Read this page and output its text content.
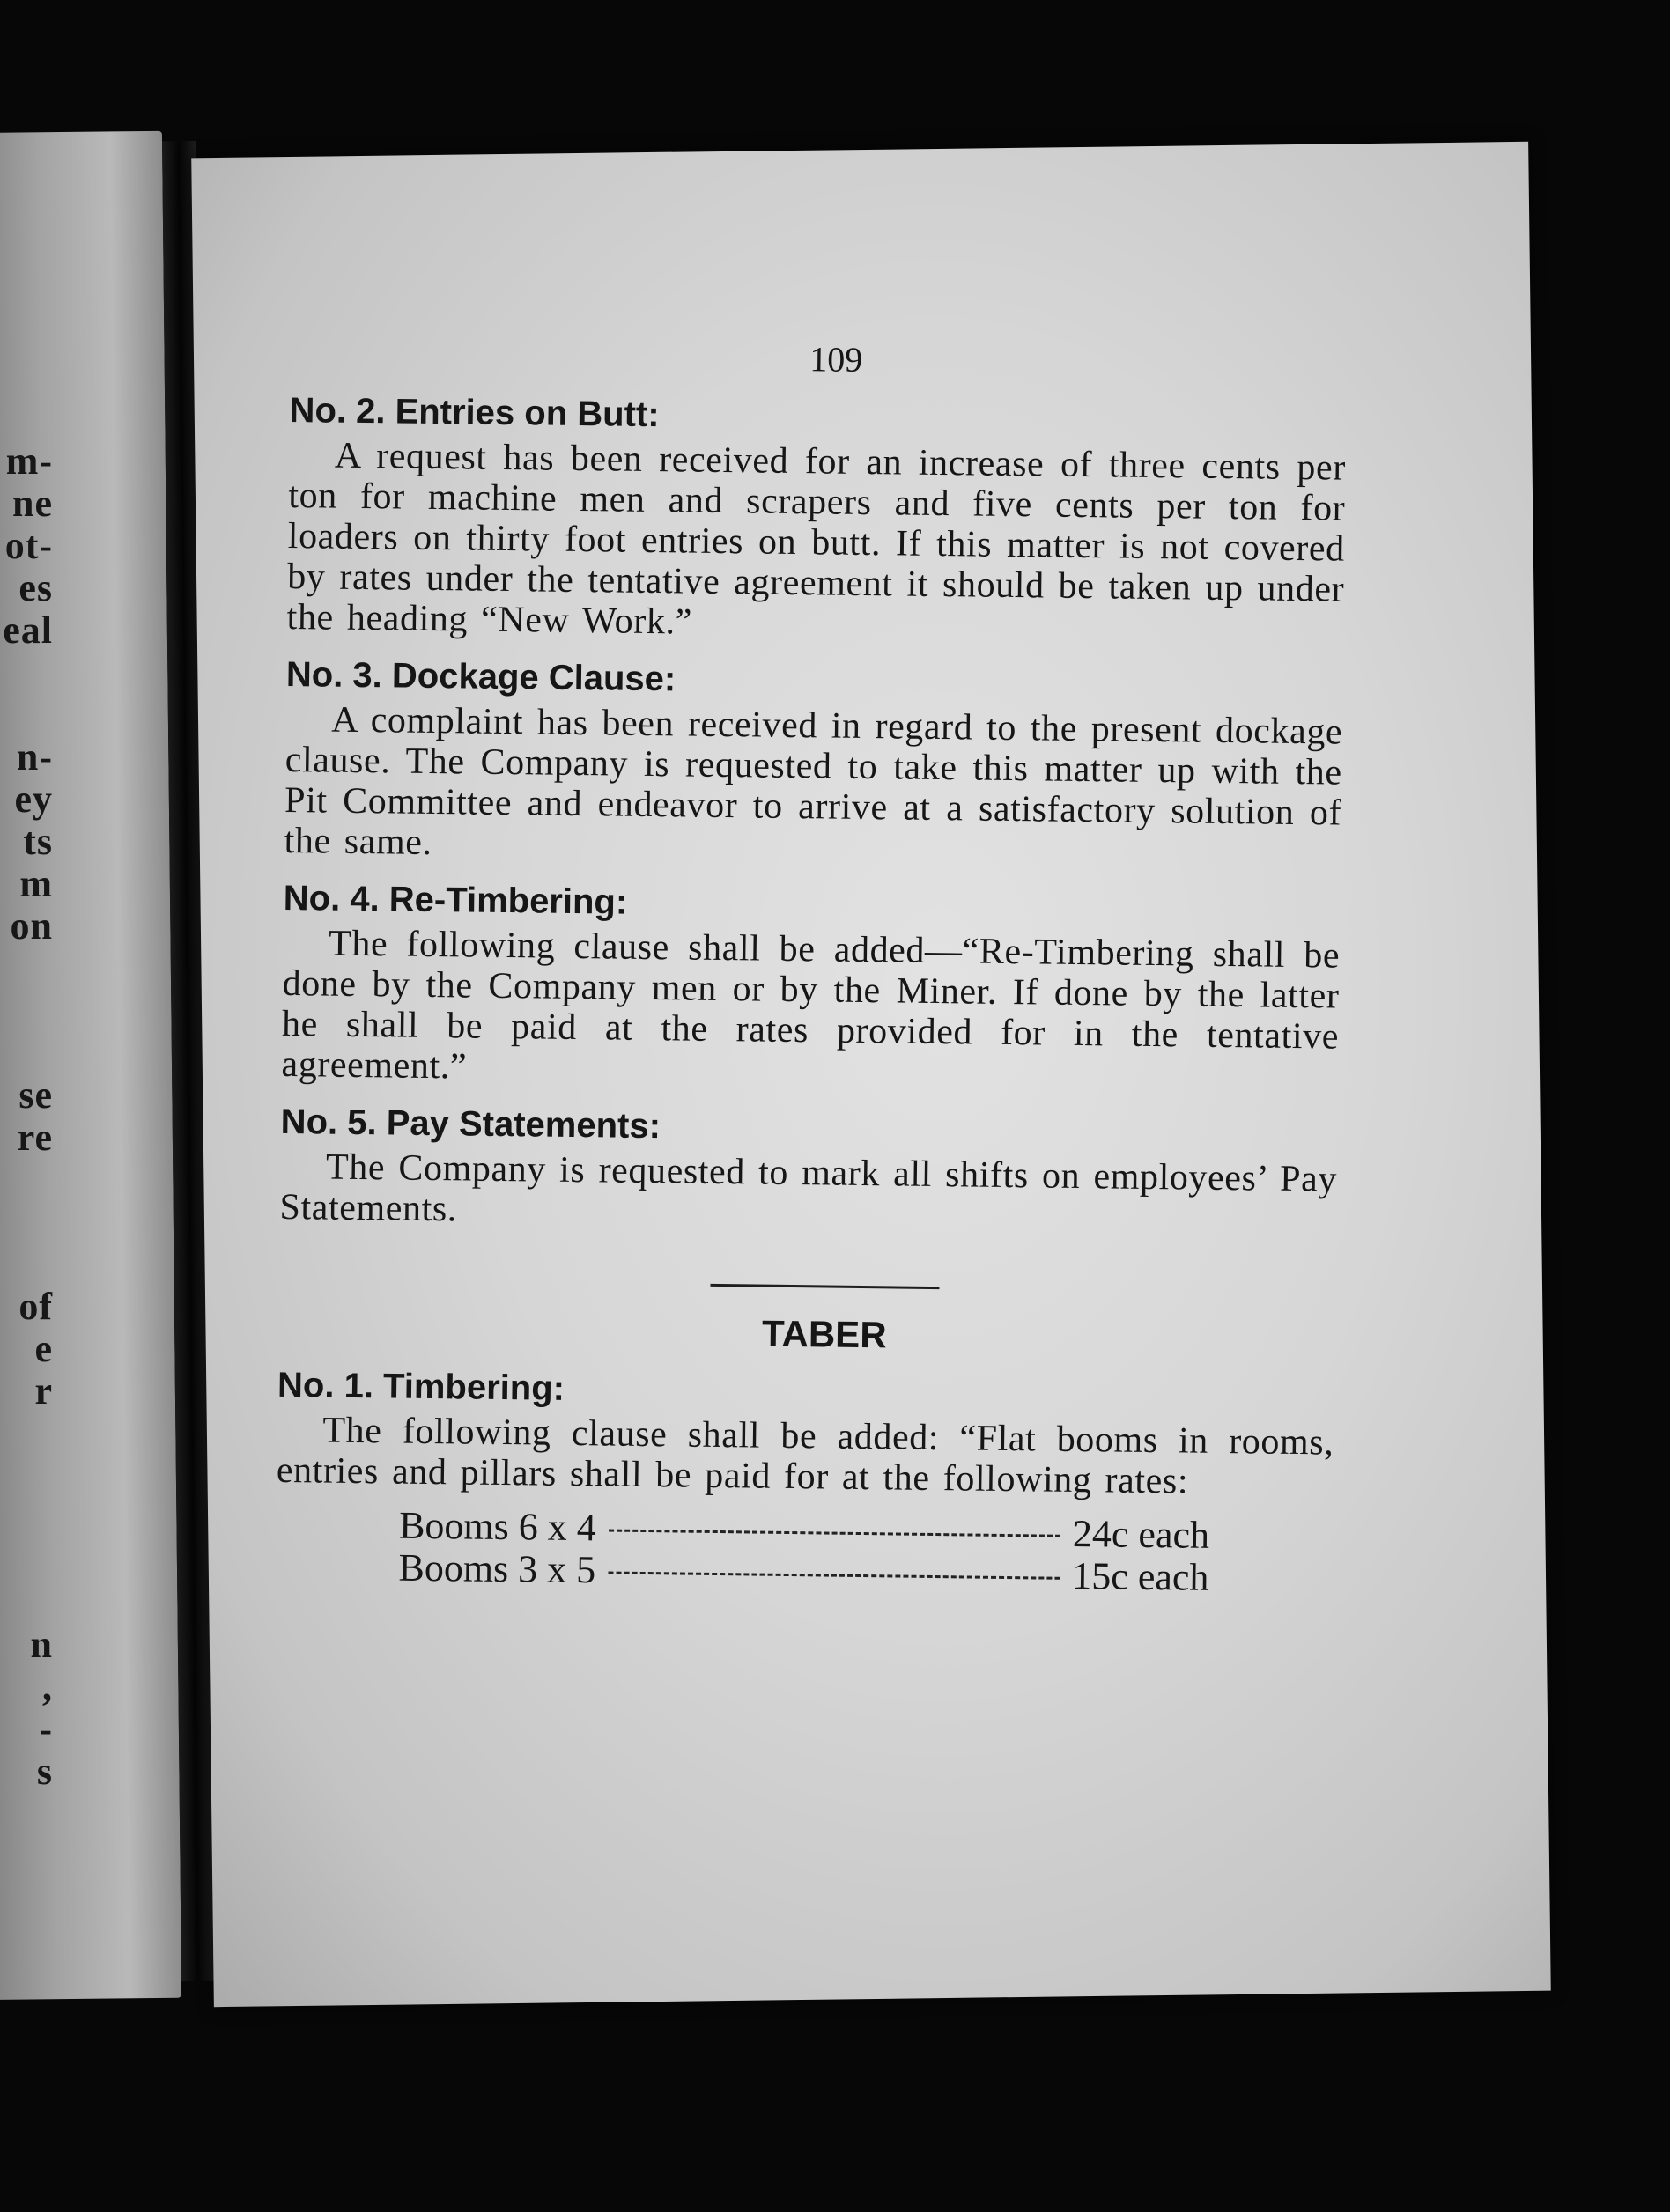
m-
ne
ot-
es
eal
n-
ey
ts
m
on
se
re
of
e
r
n
,
-
s
109
No. 2. Entries on Butt:
A request has been received for an increase of three cents per ton for machine men and scrapers and five cents per ton for loaders on thirty foot entries on butt. If this matter is not covered by rates under the tentative agreement it should be taken up under the heading “New Work.”
No. 3. Dockage Clause:
A complaint has been received in regard to the present dockage clause. The Company is requested to take this matter up with the Pit Committee and endeavor to arrive at a satisfactory solution of the same.
No. 4. Re-Timbering:
The following clause shall be added—“Re-Timbering shall be done by the Company men or by the Miner. If done by the latter he shall be paid at the rates provided for in the tentative agreement.”
No. 5. Pay Statements:
The Company is requested to mark all shifts on employees’ Pay Statements.
TABER
No. 1. Timbering:
The following clause shall be added: “Flat booms in rooms, entries and pillars shall be paid for at the following rates:
Booms 6 x 4	24c each
Booms 3 x 5	15c each
